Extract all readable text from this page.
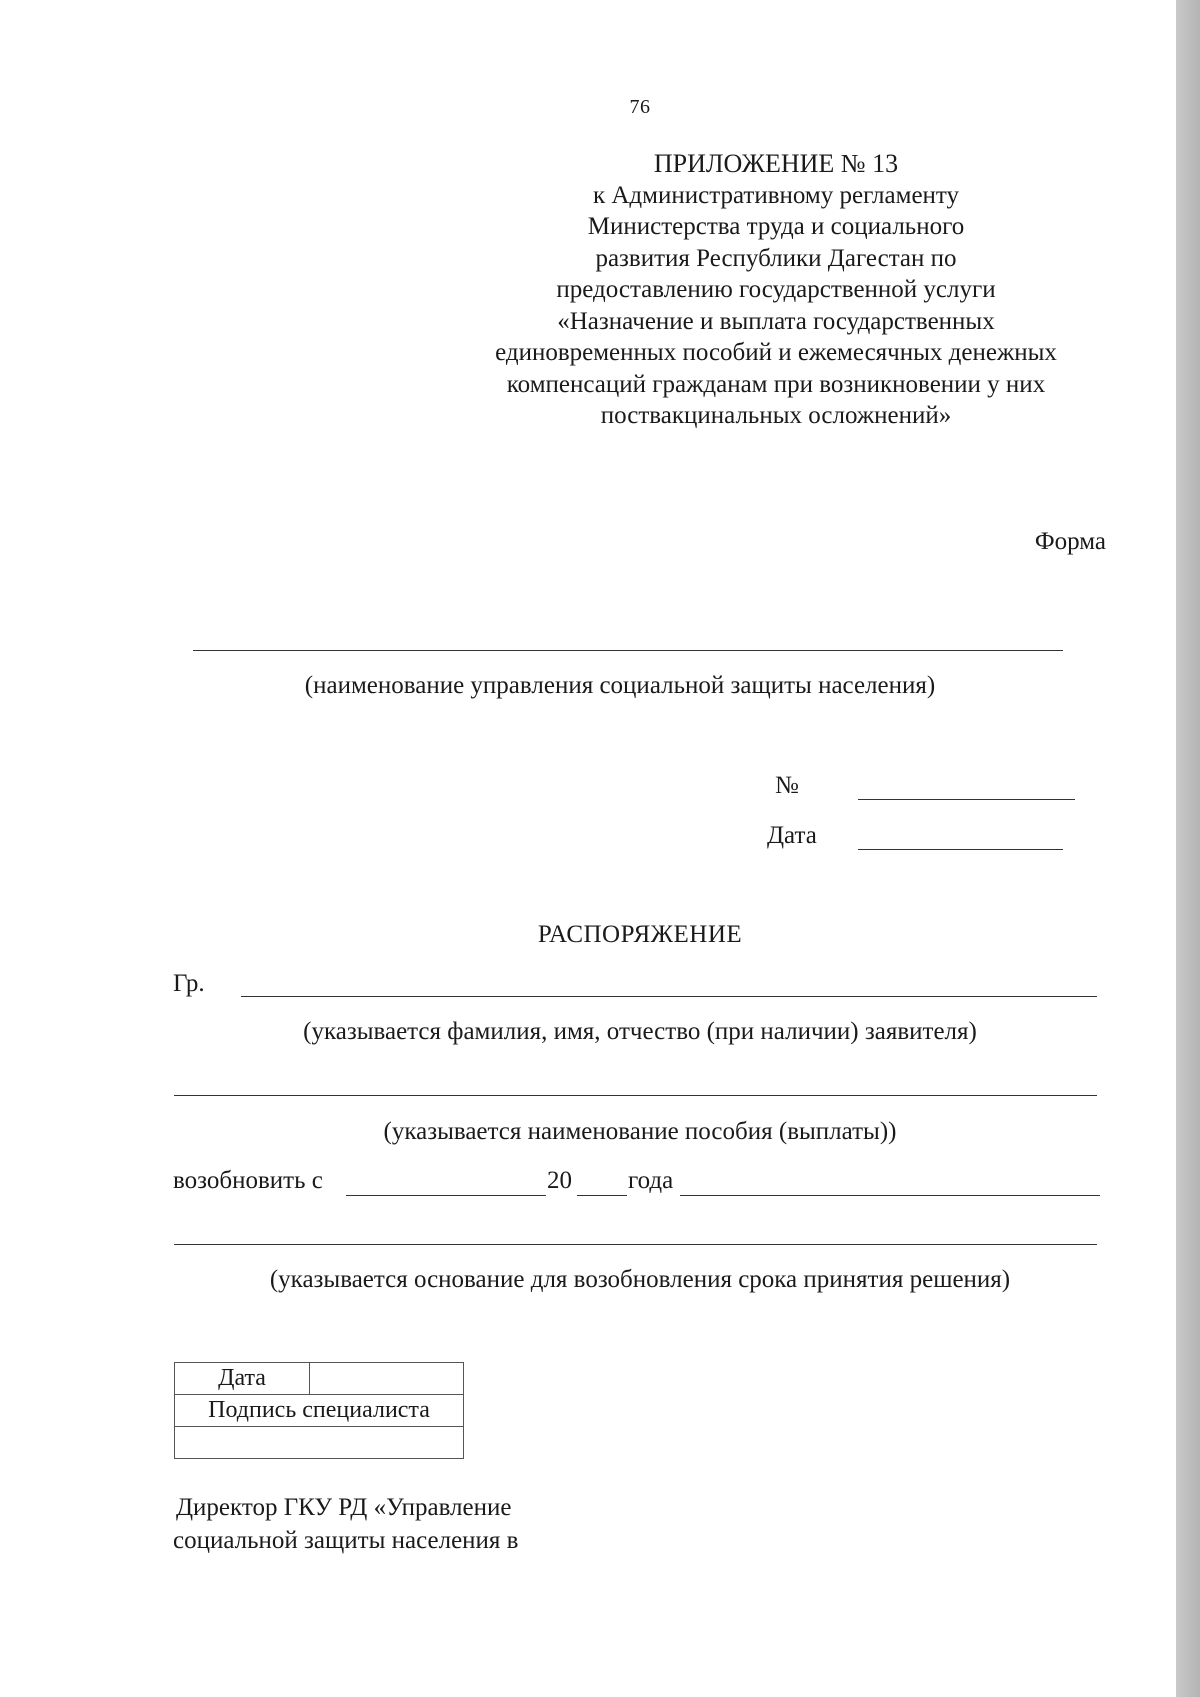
76
ПРИЛОЖЕНИЕ № 13
к Административному регламенту
Министерства труда и социального
развития Республики Дагестан по
предоставлению государственной услуги
«Назначение и выплата государственных
единовременных пособий и ежемесячных денежных
компенсаций гражданам при возникновении у них
поствакцинальных осложнений»
Форма
(наименование управления социальной защиты населения)
№
Дата
РАСПОРЯЖЕНИЕ
Гр.
(указывается фамилия, имя, отчество (при наличии) заявителя)
(указывается наименование пособия (выплаты))
возобновить с	20 года
(указывается основание для возобновления срока принятия решения)
Дата	
Подпись специалиста

Директор ГКУ РД «Управление
социальной защиты населения в
